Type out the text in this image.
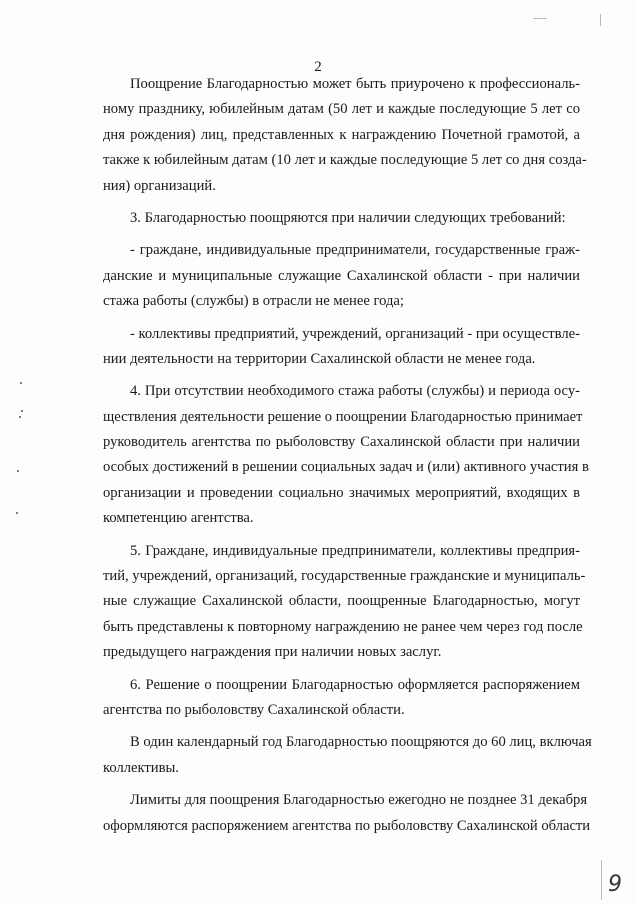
2

Поощрение Благодарностью может быть приурочено к профессиональ-
ному празднику, юбилейным датам (50 лет и каждые последующие 5 лет со
дня рождения) лиц, представленных к награждению Почетной грамотой, а
также к юбилейным датам (10 лет и каждые последующие 5 лет со дня созда-
ния) организаций.

3. Благодарностью поощряются при наличии следующих требований:

- граждане, индивидуальные предприниматели, государственные граж-
данские и муниципальные служащие Сахалинской области - при наличии
стажа работы (службы) в отрасли не менее года;

- коллективы предприятий, учреждений, организаций - при осуществле-
нии деятельности на территории Сахалинской области не менее года.

4. При отсутствии необходимого стажа работы (службы) и периода осу-
ществления деятельности решение о поощрении Благодарностью принимает
руководитель агентства по рыболовству Сахалинской области при наличии
особых достижений в решении социальных задач и (или) активного участия в
организации и проведении социально значимых мероприятий, входящих в
компетенцию агентства.

5. Граждане, индивидуальные предприниматели, коллективы предприя-
тий, учреждений, организаций, государственные гражданские и муниципаль-
ные служащие Сахалинской области, поощренные Благодарностью, могут
быть представлены к повторному награждению не ранее чем через год после
предыдущего награждения при наличии новых заслуг.

6. Решение о поощрении Благодарностью оформляется распоряжением
агентства по рыболовству Сахалинской области.

В один календарный год Благодарностью поощряются до 60 лиц, включая
коллективы.

Лимиты для поощрения Благодарностью ежегодно не позднее 31 декабря
оформляются распоряжением агентства по рыболовству Сахалинской области

9
